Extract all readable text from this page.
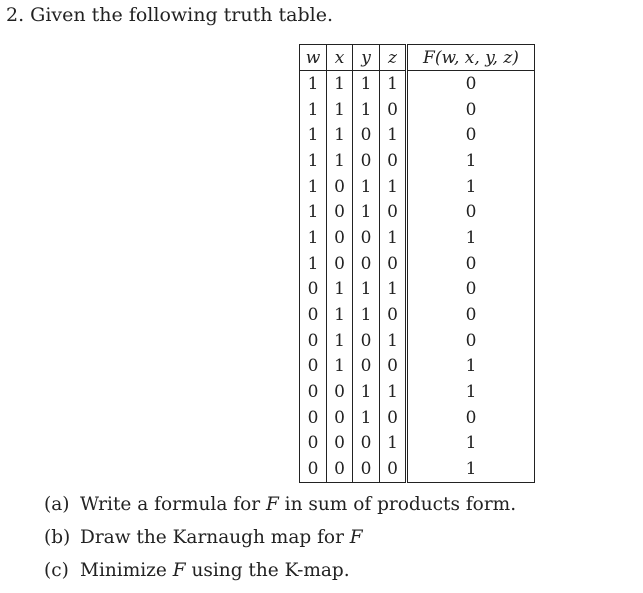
2. Given the following truth table.
w	x	y	z	F(w, x, y, z)
1	1	1	1	0
1	1	1	0	0
1	1	0	1	0
1	1	0	0	1
1	0	1	1	1
1	0	1	0	0
1	0	0	1	1
1	0	0	0	0
0	1	1	1	0
0	1	1	0	0
0	1	0	1	0
0	1	0	0	1
0	0	1	1	1
0	0	1	0	0
0	0	0	1	1
0	0	0	0	1
(a) Write a formula for F in sum of products form.
(b) Draw the Karnaugh map for F
(c) Minimize F using the K-map.
